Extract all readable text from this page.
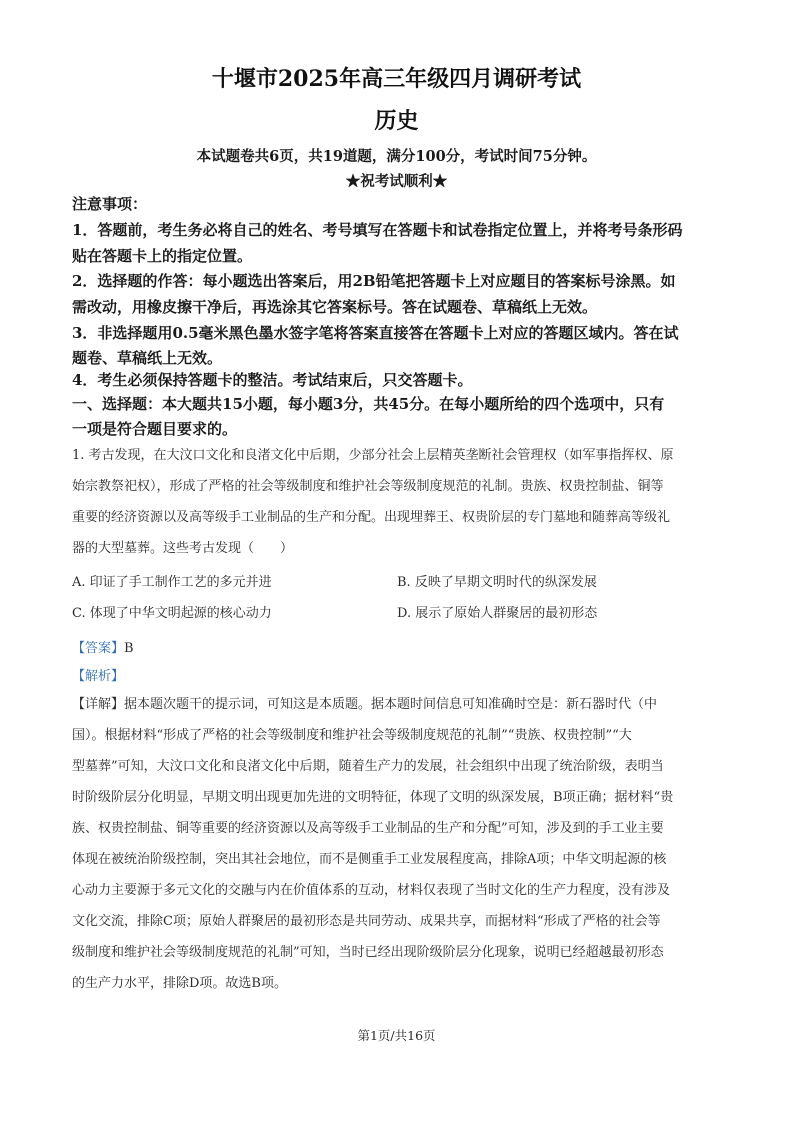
十堰市2025年高三年级四月调研考试
历史
本试题卷共6页，共19道题，满分100分，考试时间75分钟。
★祝考试顺利★
注意事项：
1．答题前，考生务必将自己的姓名、考号填写在答题卡和试卷指定位置上，并将考号条形码
贴在答题卡上的指定位置。
2．选择题的作答：每小题选出答案后，用2B铅笔把答题卡上对应题目的答案标号涂黑。如
需改动，用橡皮擦干净后，再选涂其它答案标号。答在试题卷、草稿纸上无效。
3．非选择题用0.5毫米黑色墨水签字笔将答案直接答在答题卡上对应的答题区域内。答在试
题卷、草稿纸上无效。
4．考生必须保持答题卡的整洁。考试结束后，只交答题卡。
一、选择题：本大题共15小题，每小题3分，共45分。在每小题所给的四个选项中，只有
一项是符合题目要求的。
1. 考古发现，在大汶口文化和良渚文化中后期，少部分社会上层精英垄断社会管理权（如军事指挥权、原
始宗教祭祀权），形成了严格的社会等级制度和维护社会等级制度规范的礼制。贵族、权贵控制盐、铜等
重要的经济资源以及高等级手工业制品的生产和分配。出现埋葬王、权贵阶层的专门墓地和随葬高等级礼
器的大型墓葬。这些考古发现（　　）
A. 印证了手工制作工艺的多元并进	B. 反映了早期文明时代的纵深发展
C. 体现了中华文明起源的核心动力	D. 展示了原始人群聚居的最初形态
【答案】B
【解析】
【详解】据本题次题干的提示词，可知这是本质题。据本题时间信息可知准确时空是：新石器时代（中
国）。根据材料“形成了严格的社会等级制度和维护社会等级制度规范的礼制”“贵族、权贵控制”“大
型墓葬”可知，大汶口文化和良渚文化中后期，随着生产力的发展，社会组织中出现了统治阶级，表明当
时阶级阶层分化明显，早期文明出现更加先进的文明特征，体现了文明的纵深发展，B项正确；据材料“贵
族、权贵控制盐、铜等重要的经济资源以及高等级手工业制品的生产和分配”可知，涉及到的手工业主要
体现在被统治阶级控制，突出其社会地位，而不是侧重手工业发展程度高，排除A项；中华文明起源的核
心动力主要源于多元文化的交融与内在价值体系的互动，材料仅表现了当时文化的生产力程度，没有涉及
文化交流，排除C项；原始人群聚居的最初形态是共同劳动、成果共享，而据材料“形成了严格的社会等
级制度和维护社会等级制度规范的礼制”可知，当时已经出现阶级阶层分化现象，说明已经超越最初形态
的生产力水平，排除D项。故选B项。
第1页/共16页
